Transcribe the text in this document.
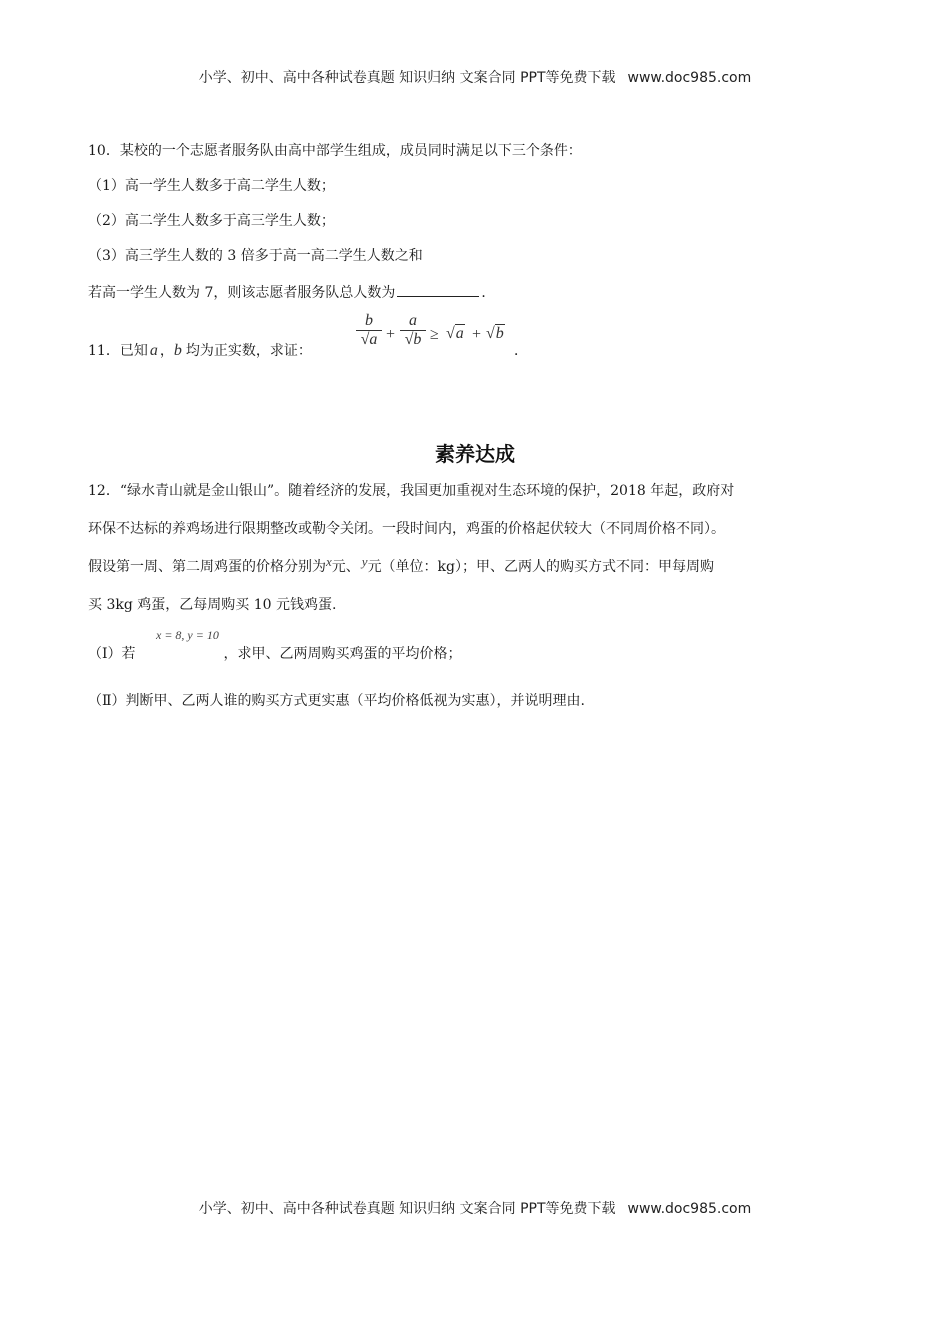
小学、初中、高中各种试卷真题 知识归纳 文案合同 PPT等免费下载 www.doc985.com
10．某校的一个志愿者服务队由高中部学生组成，成员同时满足以下三个条件：
（1）高一学生人数多于高二学生人数；
（2）高二学生人数多于高三学生人数；
（3）高三学生人数的 3 倍多于高一高二学生人数之和
若高一学生人数为 7，则该志愿者服务队总人数为	．
11．已知 a ，b 均为正实数，求证：
$\frac{b}{√a} + \frac{a}{√b} \ge √a + √b$
．
素养达成
12．“绿水青山就是金山银山”。随着经济的发展，我国更加重视对生态环境的保护，2018 年起，政府对
环保不达标的养鸡场进行限期整改或勒令关闭。一段时间内，鸡蛋的价格起伏较大（不同周价格不同）。
假设第一周、第二周鸡蛋的价格分别为x元、 y元（单位：kg）；甲、乙两人的购买方式不同：甲每周购
买 3kg 鸡蛋，乙每周购买 10 元钱鸡蛋.
x = 8, y = 10
（Ⅰ）若	，求甲、乙两周购买鸡蛋的平均价格；
（Ⅱ）判断甲、乙两人谁的购买方式更实惠（平均价格低视为实惠），并说明理由.
小学、初中、高中各种试卷真题 知识归纳 文案合同 PPT等免费下载 www.doc985.com
